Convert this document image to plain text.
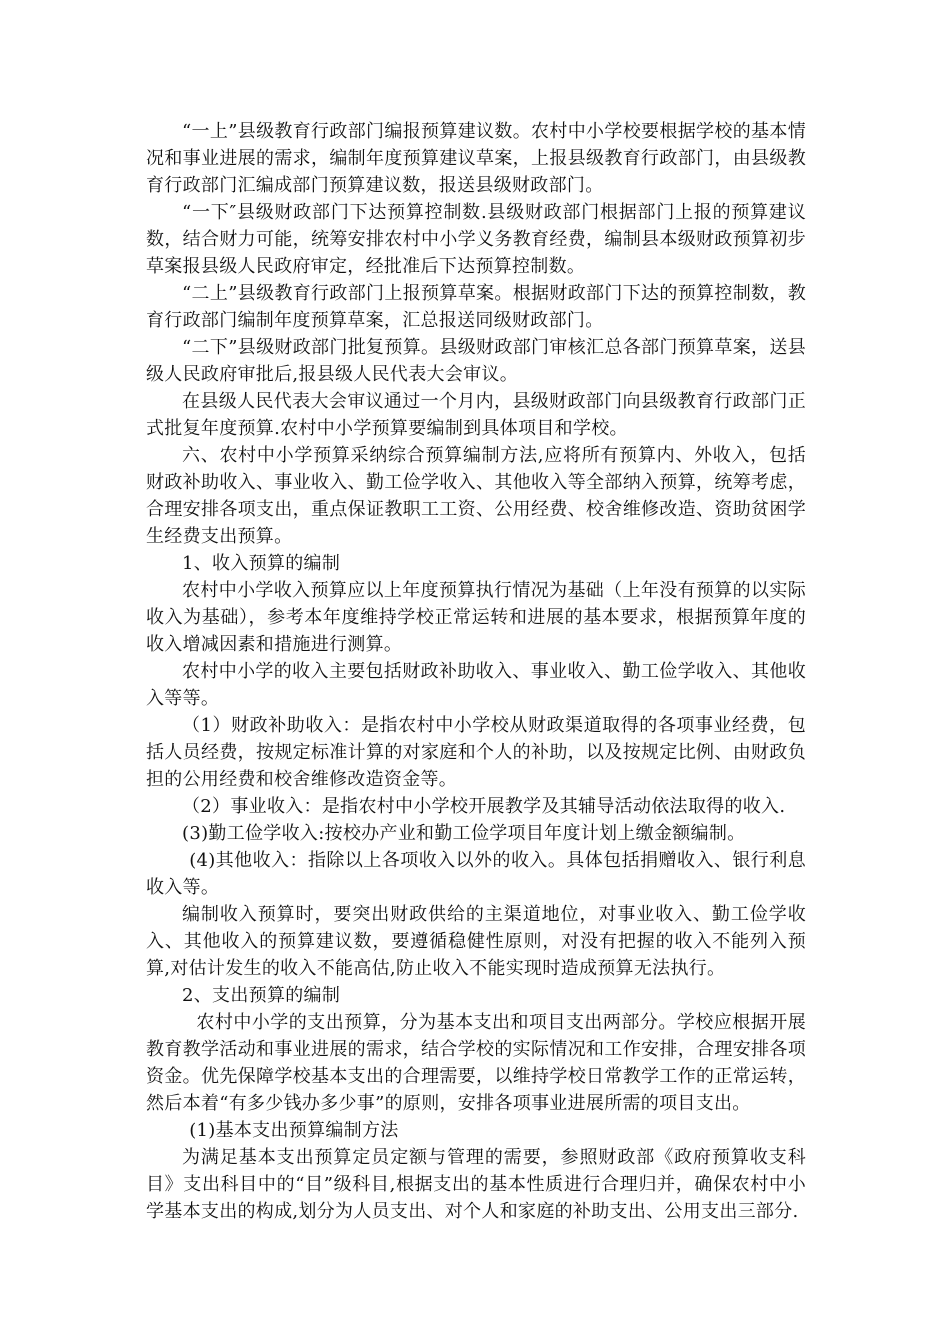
“一上”县级教育行政部门编报预算建议数。农村中小学校要根据学校的基本情况和事业进展的需求，编制年度预算建议草案，上报县级教育行政部门，由县级教育行政部门汇编成部门预算建议数，报送县级财政部门。

“一下″县级财政部门下达预算控制数.县级财政部门根据部门上报的预算建议数，结合财力可能，统筹安排农村中小学义务教育经费，编制县本级财政预算初步草案报县级人民政府审定，经批准后下达预算控制数。

“二上”县级教育行政部门上报预算草案。根据财政部门下达的预算控制数，教育行政部门编制年度预算草案，汇总报送同级财政部门。

“二下”县级财政部门批复预算。县级财政部门审核汇总各部门预算草案，送县级人民政府审批后,报县级人民代表大会审议。

在县级人民代表大会审议通过一个月内，县级财政部门向县级教育行政部门正式批复年度预算.农村中小学预算要编制到具体项目和学校。

六、农村中小学预算采纳综合预算编制方法,应将所有预算内、外收入，包括财政补助收入、事业收入、勤工俭学收入、其他收入等全部纳入预算，统筹考虑，合理安排各项支出，重点保证教职工工资、公用经费、校舍维修改造、资助贫困学生经费支出预算。

1、收入预算的编制

农村中小学收入预算应以上年度预算执行情况为基础（上年没有预算的以实际收入为基础），参考本年度维持学校正常运转和进展的基本要求，根据预算年度的收入增减因素和措施进行测算。

农村中小学的收入主要包括财政补助收入、事业收入、勤工俭学收入、其他收入等等。

（1）财政补助收入：是指农村中小学校从财政渠道取得的各项事业经费，包括人员经费，按规定标准计算的对家庭和个人的补助，以及按规定比例、由财政负担的公用经费和校舍维修改造资金等。

（2）事业收入：是指农村中小学校开展教学及其辅导活动依法取得的收入.

(3)勤工俭学收入:按校办产业和勤工俭学项目年度计划上缴金额编制。

(4)其他收入：指除以上各项收入以外的收入。具体包括捐赠收入、银行利息收入等。

编制收入预算时，要突出财政供给的主渠道地位，对事业收入、勤工俭学收入、其他收入的预算建议数，要遵循稳健性原则，对没有把握的收入不能列入预算,对估计发生的收入不能高估,防止收入不能实现时造成预算无法执行。

2、支出预算的编制

农村中小学的支出预算，分为基本支出和项目支出两部分。学校应根据开展教育教学活动和事业进展的需求，结合学校的实际情况和工作安排，合理安排各项资金。优先保障学校基本支出的合理需要，以维持学校日常教学工作的正常运转，然后本着“有多少钱办多少事”的原则，安排各项事业进展所需的项目支出。

(1)基本支出预算编制方法

为满足基本支出预算定员定额与管理的需要，参照财政部《政府预算收支科目》支出科目中的“目”级科目,根据支出的基本性质进行合理归并，确保农村中小学基本支出的构成,划分为人员支出、对个人和家庭的补助支出、公用支出三部分.
